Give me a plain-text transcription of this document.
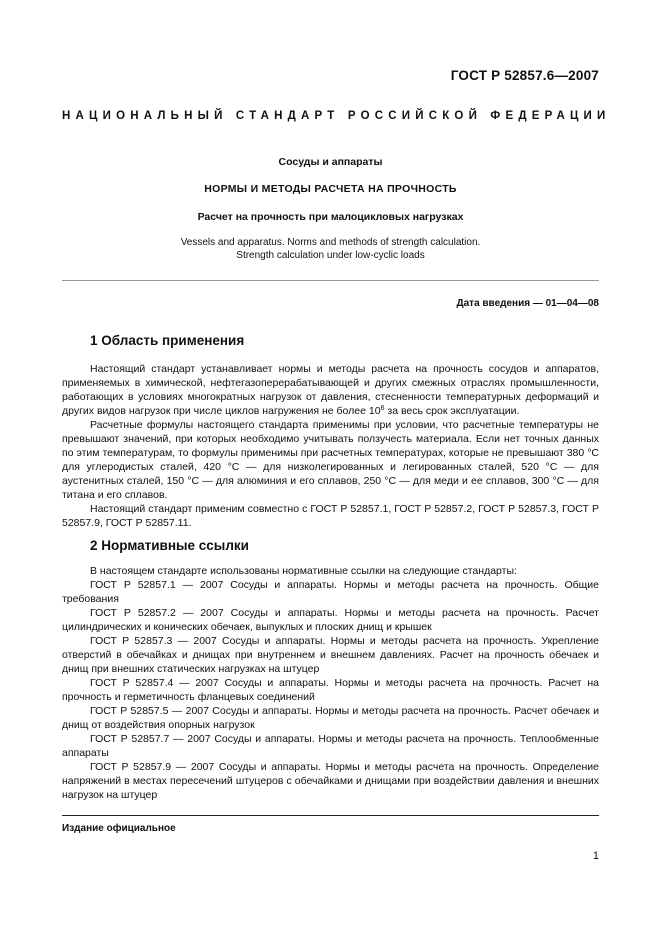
ГОСТ Р 52857.6—2007
НАЦИОНАЛЬНЫЙ СТАНДАРТ РОССИЙСКОЙ ФЕДЕРАЦИИ
Сосуды и аппараты
НОРМЫ И МЕТОДЫ РАСЧЕТА НА ПРОЧНОСТЬ
Расчет на прочность при малоцикловых нагрузках
Vessels and apparatus. Norms and methods of strength calculation.
Strength calculation under low-cyclic loads
Дата введения — 01—04—08
1 Область применения

Настоящий стандарт устанавливает нормы и методы расчета на прочность сосудов и аппаратов, применяемых в химической, нефтегазоперерабатывающей и других смежных отраслях промышленности, работающих в условиях многократных нагрузок от давления, стесненности температурных деформаций и других видов нагрузок при числе циклов нагружения не более $10^6$ за весь срок эксплуатации.

Расчетные формулы настоящего стандарта применимы при условии, что расчетные температуры не превышают значений, при которых необходимо учитывать ползучесть материала. Если нет точных данных по этим температурам, то формулы применимы при расчетных температурах, которые не превышают 380 °С для углеродистых сталей, 420 °С — для низколегированных и легированных сталей, 520 °С — для аустенитных сталей, 150 °С — для алюминия и его сплавов, 250 °С — для меди и ее сплавов, 300 °С — для титана и его сплавов.

Настоящий стандарт применим совместно с ГОСТ Р 52857.1, ГОСТ Р 52857.2, ГОСТ Р 52857.3, ГОСТ Р 52857.9, ГОСТ Р 52857.11.

2 Нормативные ссылки

В настоящем стандарте использованы нормативные ссылки на следующие стандарты:

ГОСТ Р 52857.1 — 2007 Сосуды и аппараты. Нормы и методы расчета на прочность. Общие требования

ГОСТ Р 52857.2 — 2007 Сосуды и аппараты. Нормы и методы расчета на прочность. Расчет цилиндрических и конических обечаек, выпуклых и плоских днищ и крышек

ГОСТ Р 52857.3 — 2007 Сосуды и аппараты. Нормы и методы расчета на прочность. Укрепление отверстий в обечайках и днищах при внутреннем и внешнем давлениях. Расчет на прочность обечаек и днищ при внешних статических нагрузках на штуцер

ГОСТ Р 52857.4 — 2007 Сосуды и аппараты. Нормы и методы расчета на прочность. Расчет на прочность и герметичность фланцевых соединений

ГОСТ Р 52857.5 — 2007 Сосуды и аппараты. Нормы и методы расчета на прочность. Расчет обечаек и днищ от воздействия опорных нагрузок

ГОСТ Р 52857.7 — 2007 Сосуды и аппараты. Нормы и методы расчета на прочность. Теплообменные аппараты

ГОСТ Р 52857.9 — 2007 Сосуды и аппараты. Нормы и методы расчета на прочность. Определение напряжений в местах пересечений штуцеров с обечайками и днищами при воздействии давления и внешних нагрузок на штуцер

Издание официальное
1
